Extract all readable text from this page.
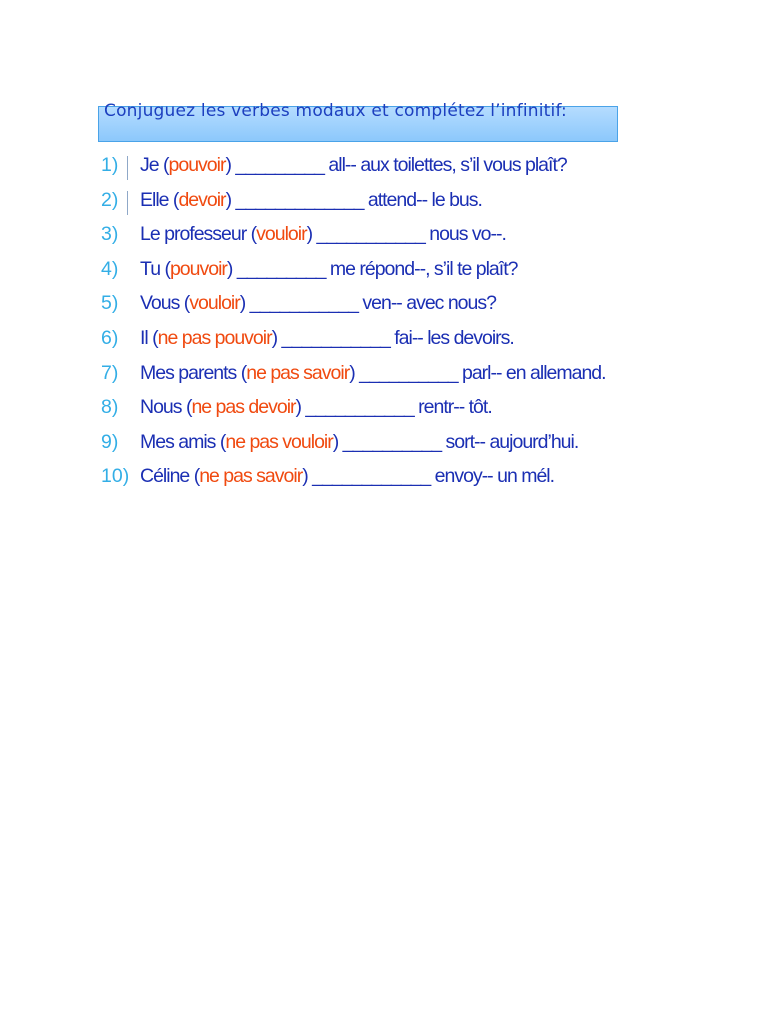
Conjuguez les verbes modaux et complétez l’infinitif:
1) Je (pouvoir) _________ all-- aux toilettes, s’il vous plaît?
2) Elle (devoir) _____________ attend-- le bus.
3) Le professeur (vouloir) ___________ nous vo--.
4) Tu (pouvoir) _________ me répond--, s’il te plaît?
5) Vous (vouloir) ___________ ven-- avec nous?
6) Il (ne pas pouvoir) ___________ fai-- les devoirs.
7) Mes parents (ne pas savoir) __________ parl-- en allemand.
8) Nous (ne pas devoir) ___________ rentr-- tôt.
9) Mes amis (ne pas vouloir) __________ sort-- aujourd’hui.
10) Céline (ne pas savoir) ____________ envoy-- un mél.
